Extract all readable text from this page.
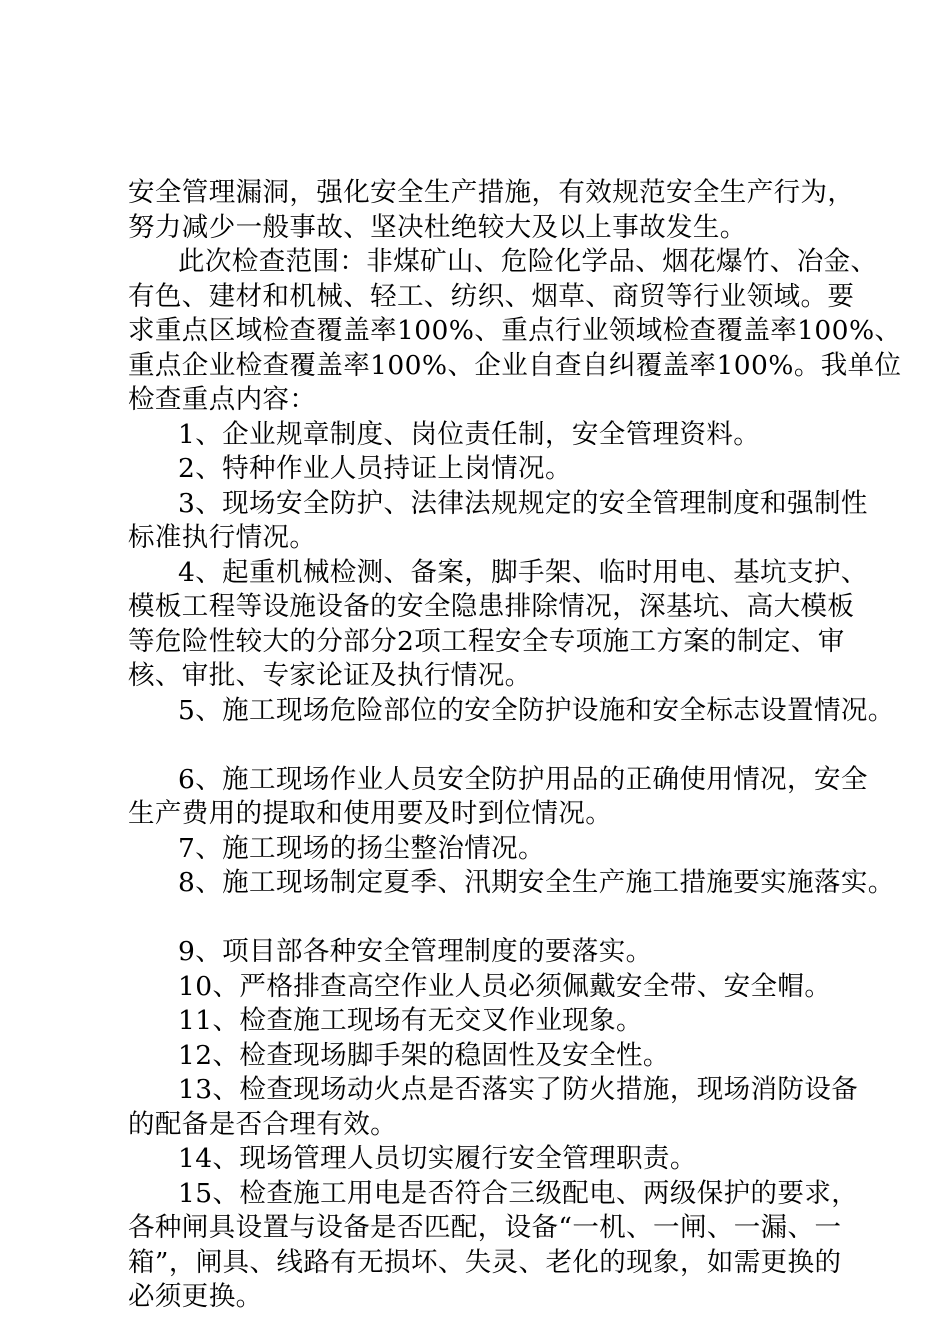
安全管理漏洞，强化安全生产措施，有效规范安全生产行为，
努力减少一般事故、坚决杜绝较大及以上事故发生。
此次检查范围：非煤矿山、危险化学品、烟花爆竹、冶金、
有色、建材和机械、轻工、纺织、烟草、商贸等行业领域。要
求重点区域检查覆盖率100%、重点行业领域检查覆盖率100%、
重点企业检查覆盖率100%、企业自查自纠覆盖率100%。我单位
检查重点内容：
1、企业规章制度、岗位责任制，安全管理资料。
2、特种作业人员持证上岗情况。
3、现场安全防护、法律法规规定的安全管理制度和强制性
标准执行情况。
4、起重机械检测、备案，脚手架、临时用电、基坑支护、
模板工程等设施设备的安全隐患排除情况，深基坑、高大模板
等危险性较大的分部分2项工程安全专项施工方案的制定、审
核、审批、专家论证及执行情况。
5、施工现场危险部位的安全防护设施和安全标志设置情况。
6、施工现场作业人员安全防护用品的正确使用情况，安全
生产费用的提取和使用要及时到位情况。
7、施工现场的扬尘整治情况。
8、施工现场制定夏季、汛期安全生产施工措施要实施落实。
9、项目部各种安全管理制度的要落实。
10、严格排查高空作业人员必须佩戴安全带、安全帽。
11、检查施工现场有无交叉作业现象。
12、检查现场脚手架的稳固性及安全性。
13、检查现场动火点是否落实了防火措施，现场消防设备
的配备是否合理有效。
14、现场管理人员切实履行安全管理职责。
15、检查施工用电是否符合三级配电、两级保护的要求，
各种闸具设置与设备是否匹配，设备“一机、一闸、一漏、一
箱”，闸具、线路有无损坏、失灵、老化的现象，如需更换的
必须更换。
